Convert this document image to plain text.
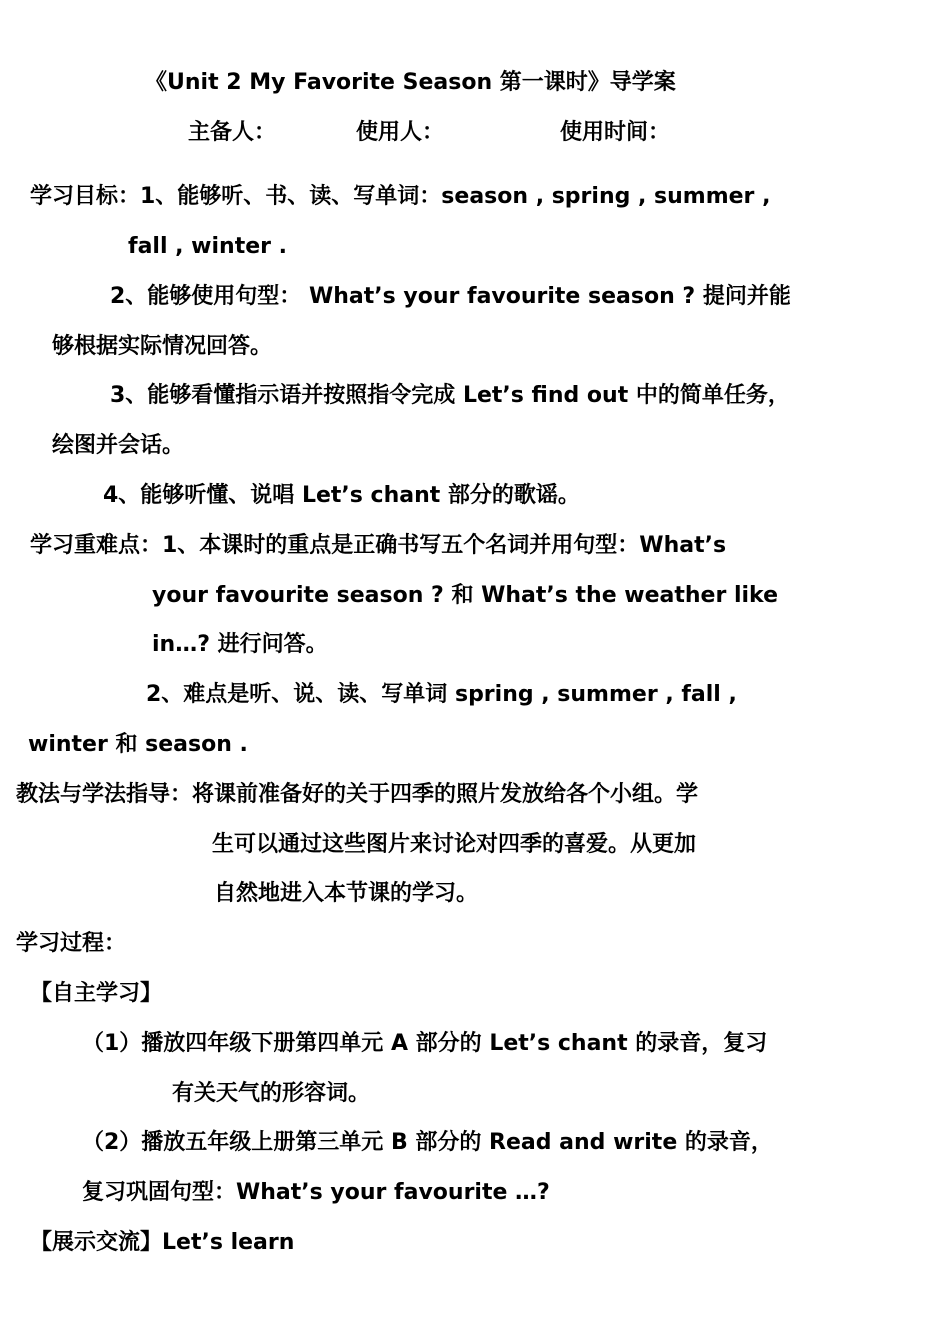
《Unit 2 My Favorite Season 第一课时》导学案
主备人：	使用人：	使用时间：
学习目标：1、能够听、书、读、写单词：season , spring , summer ,
fall , winter .
2、能够使用句型： What’s your favourite season ? 提问并能
够根据实际情况回答。
3、能够看懂指示语并按照指令完成 Let’s find out 中的简单任务，
绘图并会话。
4、能够听懂、说唱 Let’s chant 部分的歌谣。
学习重难点：1、本课时的重点是正确书写五个名词并用句型：What’s
your favourite season ? 和 What’s the weather like
in…? 进行问答。
2、难点是听、说、读、写单词 spring , summer , fall ,
winter 和 season .
教法与学法指导：将课前准备好的关于四季的照片发放给各个小组。学
生可以通过这些图片来讨论对四季的喜爱。从更加
自然地进入本节课的学习。
学习过程：
【自主学习】
（1）播放四年级下册第四单元 A 部分的 Let’s chant 的录音，复习
有关天气的形容词。
（2）播放五年级上册第三单元 B 部分的 Read and write 的录音，
复习巩固句型：What’s your favourite …?
【展示交流】Let’s learn
